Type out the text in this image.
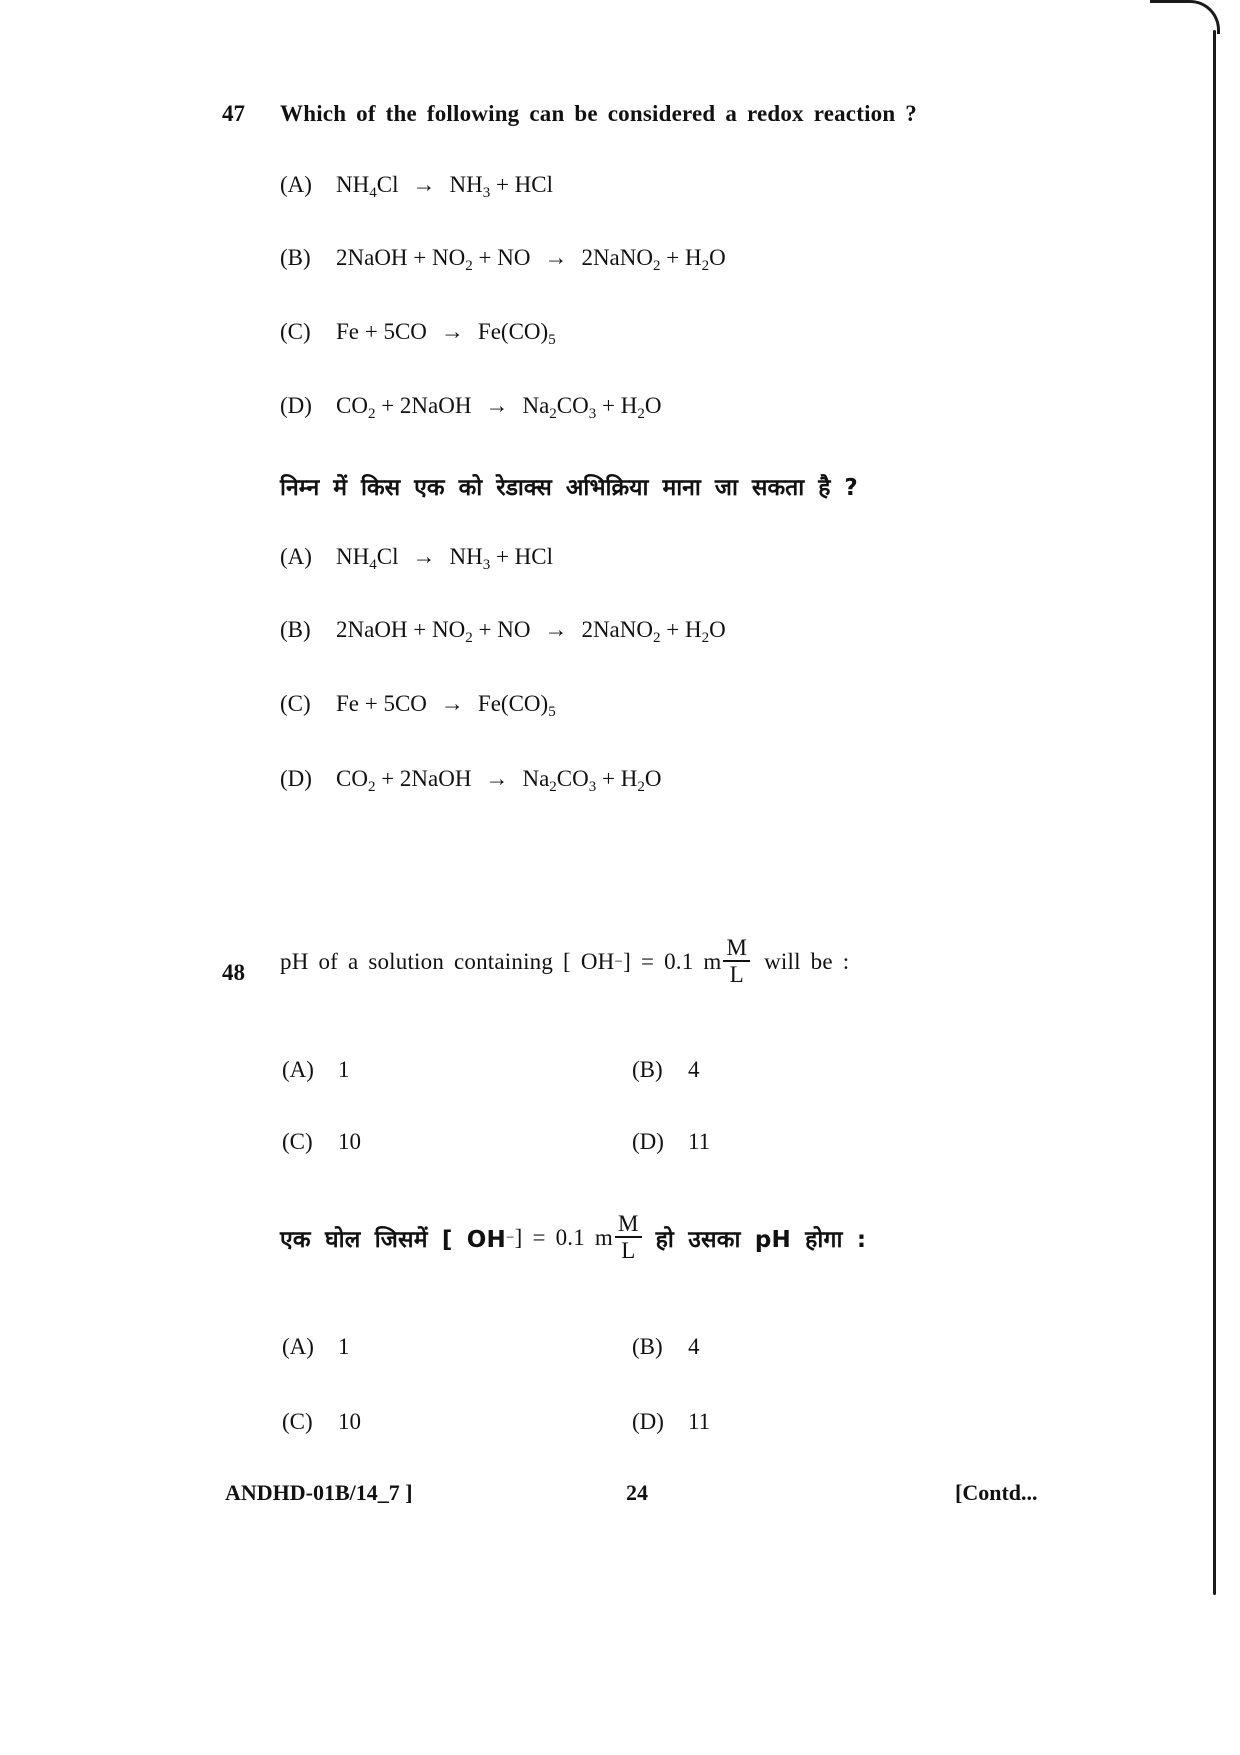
47 Which of the following can be considered a redox reaction ?
(A) $NH_4Cl \to NH_3$ + HCl
(B) 2NaOH + $NO_2$ + NO → 2NaNO$_2$ + $H_2O$
(C) $Fe + 5CO \to Fe(CO)_5$
(D) $CO_2$ + 2NaOH → $Na_2CO_3 + H_2O$
निम्न में किस एक को रेडाक्स अभिक्रिया माना जा सकता है ?
(A) $NH_4Cl \to NH_3$ + HCl
(B) 2NaOH + $NO_2$ + NO → 2NaNO$_2$ + $H_2O$
(C) $Fe + 5CO \to Fe(CO)_5$
(D) $CO_2$ + 2NaOH → $Na_2CO_3 + H_2O$
48 pH of a solution containing [ OH − ] = 0.1 m $\frac{M}{L}$ will be :
(A) 1	(B) 4
(C) 10	(D) 11
एक घोल जिसमें [ OH − ] = 0.1 m $\frac{M}{L}$ हो उसका pH होगा :
(A) 1	(B) 4
(C) 10	(D) 11
ANDHD-01B/14_7 ]	24	[Contd...
